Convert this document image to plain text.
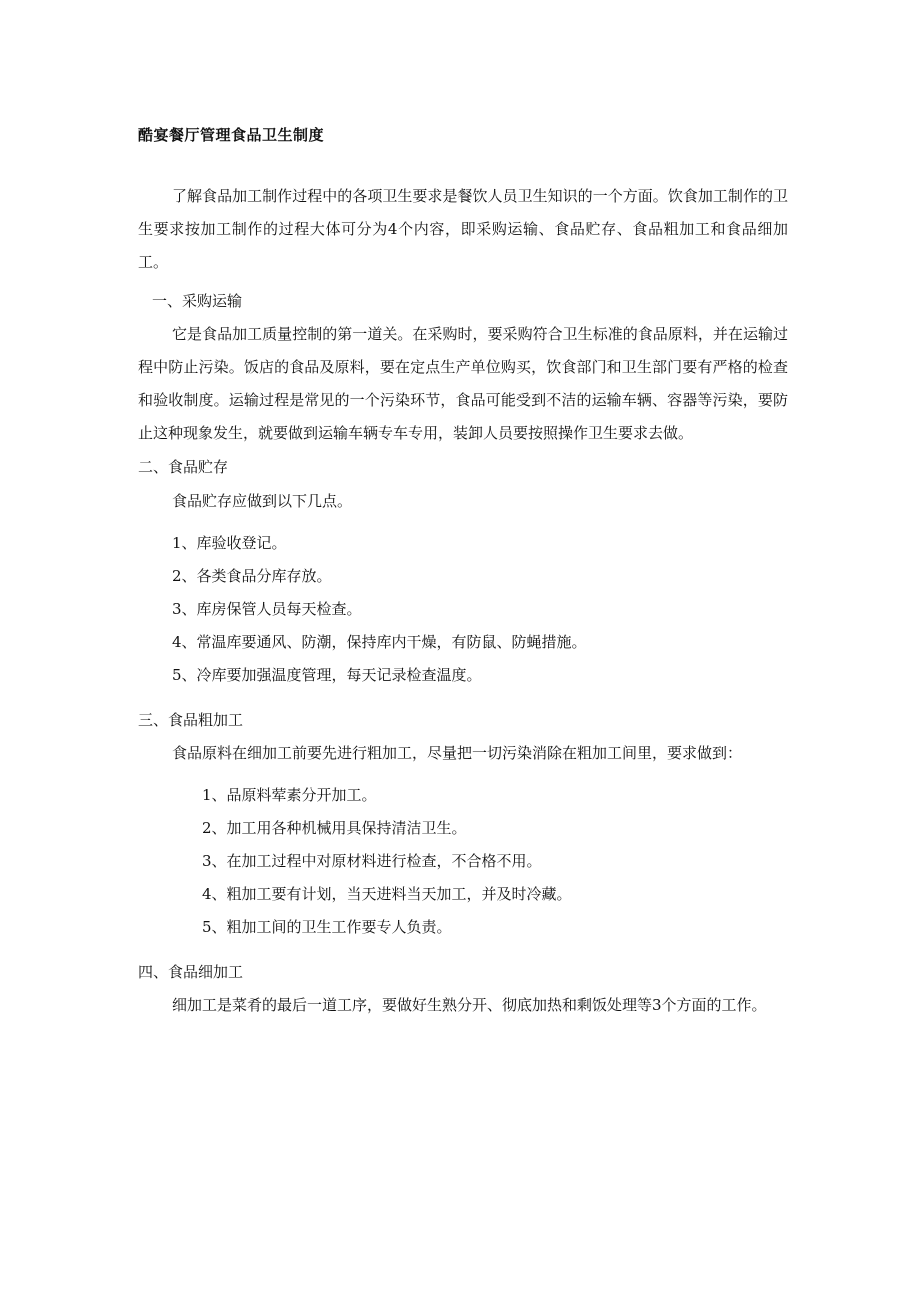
酷宴餐厅管理食品卫生制度
了解食品加工制作过程中的各项卫生要求是餐饮人员卫生知识的一个方面。饮食加工制作的卫生要求按加工制作的过程大体可分为4个内容，即采购运输、食品贮存、食品粗加工和食品细加工。
一、采购运输
它是食品加工质量控制的第一道关。在采购时，要采购符合卫生标准的食品原料，并在运输过程中防止污染。饭店的食品及原料，要在定点生产单位购买，饮食部门和卫生部门要有严格的检查和验收制度。运输过程是常见的一个污染环节，食品可能受到不洁的运输车辆、容器等污染，要防止这种现象发生，就要做到运输车辆专车专用，装卸人员要按照操作卫生要求去做。
二、食品贮存
食品贮存应做到以下几点。
1、库验收登记。
2、各类食品分库存放。
3、库房保管人员每天检查。
4、常温库要通风、防潮，保持库内干燥，有防鼠、防蝇措施。
5、冷库要加强温度管理，每天记录检查温度。
三、食品粗加工
食品原料在细加工前要先进行粗加工，尽量把一切污染消除在粗加工间里，要求做到：
1、品原料荤素分开加工。
2、加工用各种机械用具保持清洁卫生。
3、在加工过程中对原材料进行检查，不合格不用。
4、粗加工要有计划，当天进料当天加工，并及时冷藏。
5、粗加工间的卫生工作要专人负责。
四、食品细加工
细加工是菜肴的最后一道工序，要做好生熟分开、彻底加热和剩饭处理等3个方面的工作。
